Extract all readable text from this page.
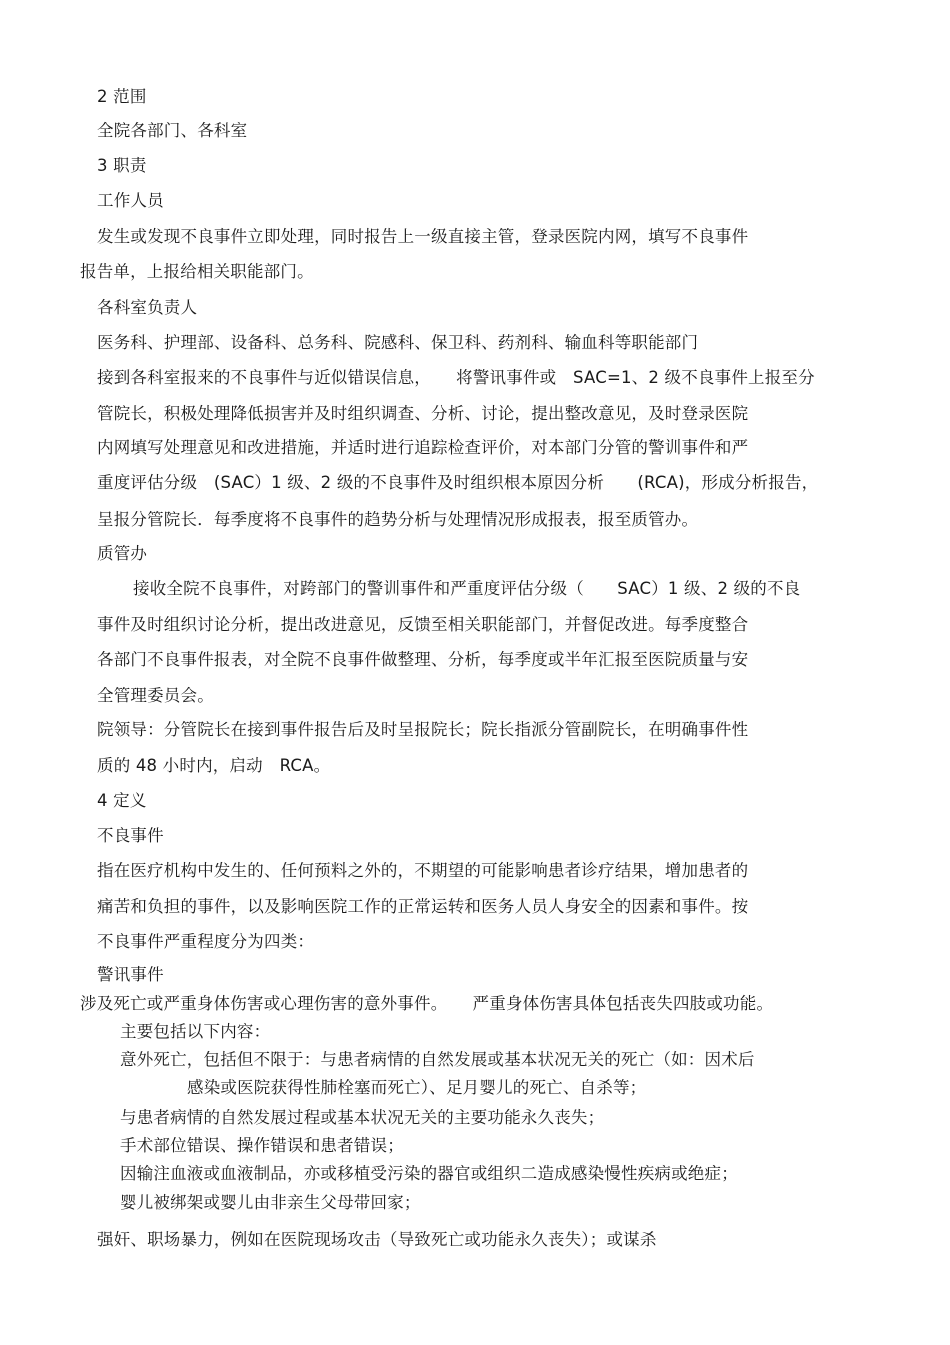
2 范围
全院各部门、各科室
3 职责
工作人员
发生或发现不良事件立即处理，同时报告上一级直接主管，登录医院内网，填写不良事件
报告单，上报给相关职能部门。
各科室负责人
医务科、护理部、设备科、总务科、院感科、保卫科、药剂科、输血科等职能部门
接到各科室报来的不良事件与近似错误信息，　　将警讯事件或　SAC=1、2 级不良事件上报至分
管院长，积极处理降低损害并及时组织调查、分析、讨论，提出整改意见，及时登录医院
内网填写处理意见和改进措施，并适时进行追踪检查评价，对本部门分管的警训事件和严
重度评估分级　(SAC）1 级、2 级的不良事件及时组织根本原因分析　　(RCA)，形成分析报告，
呈报分管院长．每季度将不良事件的趋势分析与处理情况形成报表，报至质管办。
质管办
接收全院不良事件，对跨部门的警训事件和严重度评估分级（　　SAC）1 级、2 级的不良
事件及时组织讨论分析，提出改进意见，反馈至相关职能部门，并督促改进。每季度整合
各部门不良事件报表，对全院不良事件做整理、分析，每季度或半年汇报至医院质量与安
全管理委员会。
院领导：分管院长在接到事件报告后及时呈报院长；院长指派分管副院长，在明确事件性
质的 48 小时内，启动　RCA。
4 定义
不良事件
指在医疗机构中发生的、任何预料之外的，不期望的可能影响患者诊疗结果，增加患者的
痛苦和负担的事件，以及影响医院工作的正常运转和医务人员人身安全的因素和事件。按
不良事件严重程度分为四类：
警讯事件
涉及死亡或严重身体伤害或心理伤害的意外事件。　　严重身体伤害具体包括丧失四肢或功能。
主要包括以下内容：
意外死亡，包括但不限于：与患者病情的自然发展或基本状况无关的死亡（如：因术后
感染或医院获得性肺栓塞而死亡）、足月婴儿的死亡、自杀等；
与患者病情的自然发展过程或基本状况无关的主要功能永久丧失；
手术部位错误、操作错误和患者错误；
因输注血液或血液制品，亦或移植受污染的器官或组织二造成感染慢性疾病或绝症；
婴儿被绑架或婴儿由非亲生父母带回家；
强奸、职场暴力，例如在医院现场攻击（导致死亡或功能永久丧失）；或谋杀
